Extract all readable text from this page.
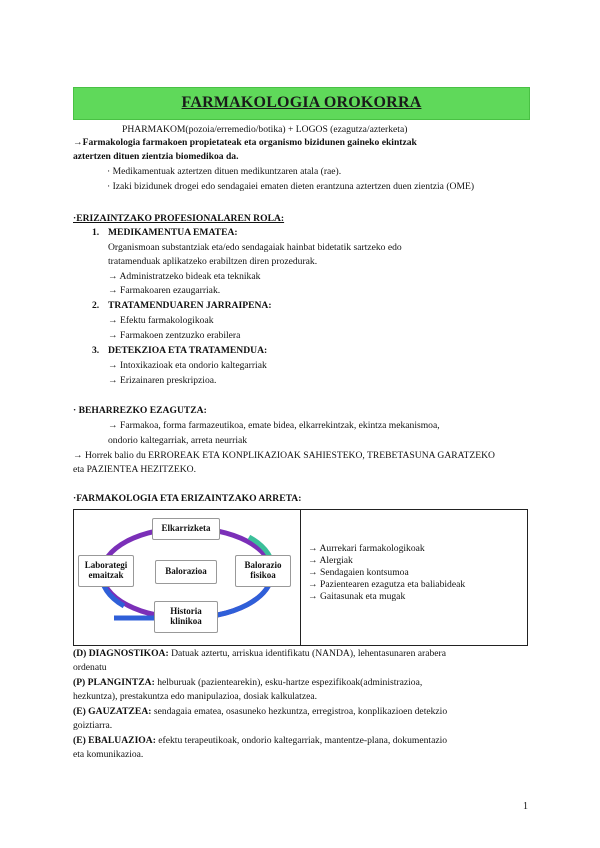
FARMAKOLOGIA OROKORRA
PHARMAKOM(pozoia/erremedio/botika) + LOGOS (ezagutza/azterketa)
→Farmakologia farmakoen propietateak eta organismo bizidunen gaineko ekintzak
aztertzen dituen zientzia biomedikoa da.
· Medikamentuak aztertzen dituen medikuntzaren atala (rae).
· Izaki bizidunek drogei edo sendagaiei ematen dieten erantzuna aztertzen duen zientzia (OME)
·ERIZAINTZAKO PROFESIONALAREN ROLA:
1. MEDIKAMENTUA EMATEA:
Organismoan substantziak eta/edo sendagaiak hainbat bidetatik sartzeko edo
tratamenduak aplikatzeko erabiltzen diren prozedurak.
→ Administratzeko bideak eta teknikak
→ Farmakoaren ezaugarriak.
2. TRATAMENDUAREN JARRAIPENA:
→ Efektu farmakologikoak
→ Farmakoen zentzuzko erabilera
3. DETEKZIOA ETA TRATAMENDUA:
→ Intoxikazioak eta ondorio kaltegarriak
→ Erizainaren preskripzioa.
· BEHARREZKO EZAGUTZA:
→ Farmakoa, forma farmazeutikoa, emate bidea, elkarrekintzak, ekintza mekanismoa,
ondorio kaltegarriak, arreta neurriak
→ Horrek balio du ERROREAK ETA KONPLIKAZIOAK SAHIESTEKO, TREBETASUNA GARATZEKO
eta PAZIENTEA HEZITZEKO.
·FARMAKOLOGIA ETA ERIZAINTZAKO ARRETA:
Elkarrizketa
Laborategi emaitzak	Balorazioa
Balorazio fisikoa
Historia klinikoa
→ Aurrekari farmakologikoak
→ Alergiak
→ Sendagaien kontsumoa
→ Pazientearen ezagutza eta baliabideak
→ Gaitasunak eta mugak
(D) DIAGNOSTIKOA: Datuak aztertu, arriskua identifikatu (NANDA), lehentasunaren arabera
ordenatu
(P) PLANGINTZA: helburuak (pazientearekin), esku-hartze espezifikoak(administrazioa,
hezkuntza), prestakuntza edo manipulazioa, dosiak kalkulatzea.
(E) GAUZATZEA: sendagaia ematea, osasuneko hezkuntza, erregistroa, konplikazioen detekzio
goiztiarra.
(E) EBALUAZIOA: efektu terapeutikoak, ondorio kaltegarriak, mantentze-plana, dokumentazio
eta komunikazioa.
1
